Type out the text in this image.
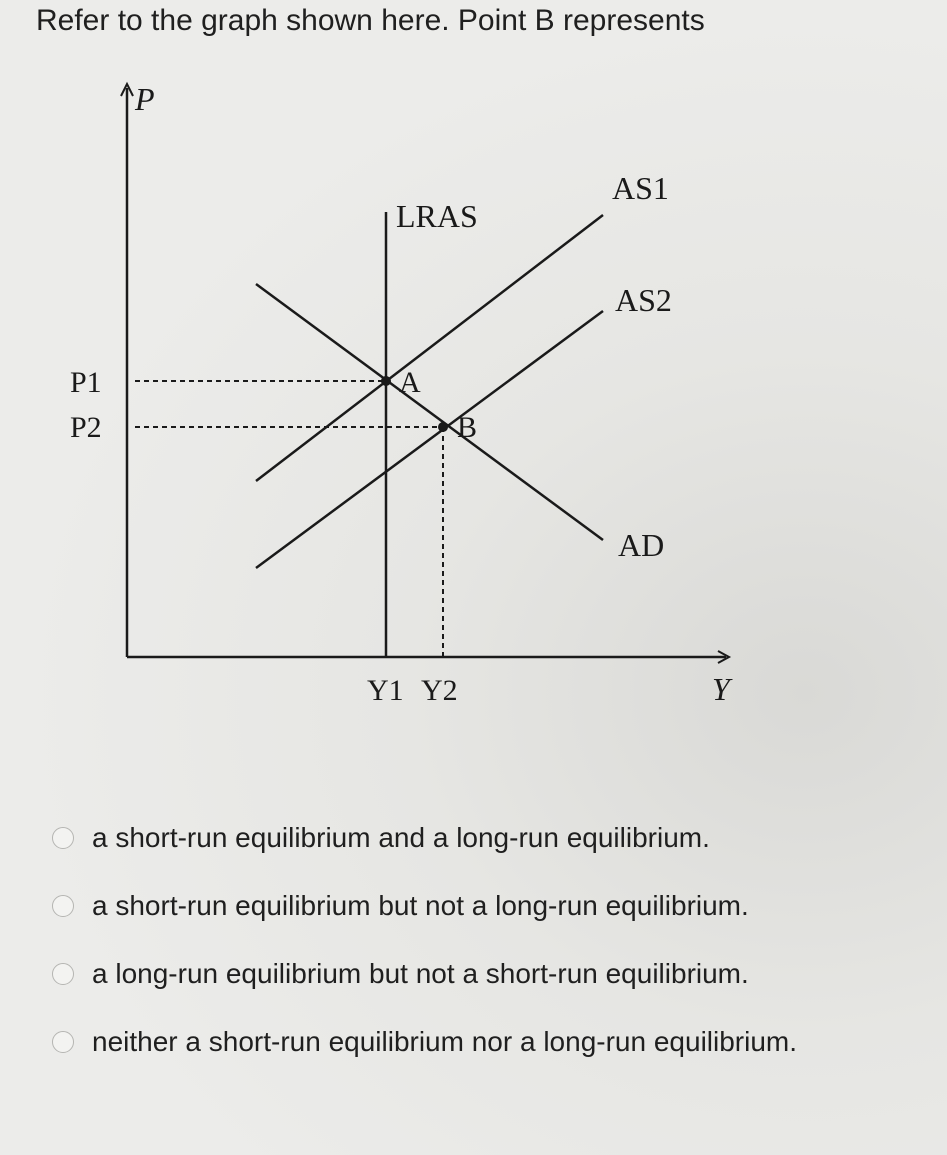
Refer to the graph shown here. Point B represents
P
Y
LRAS
AS1
AS2
AD
A
B
P1
P2
Y1 Y2
a short-run equilibrium and a long-run equilibrium.
a short-run equilibrium but not a long-run equilibrium.
a long-run equilibrium but not a short-run equilibrium.
neither a short-run equilibrium nor a long-run equilibrium.
